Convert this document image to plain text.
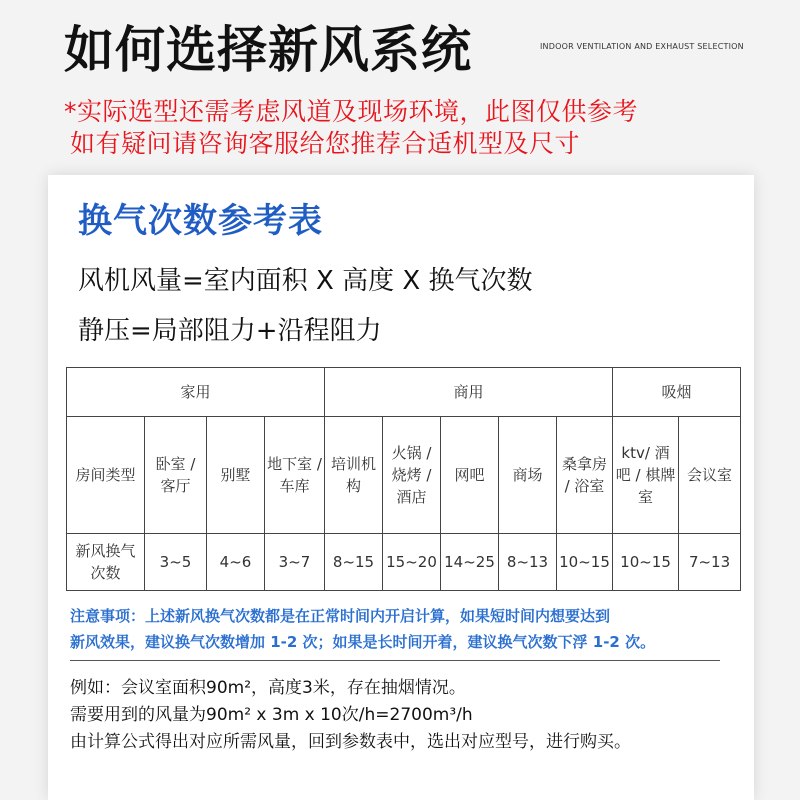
如何选择新风系统	INDOOR VENTILATION AND EXHAUST SELECTION
*实际选型还需考虑风道及现场环境，此图仅供参考
如有疑问请咨询客服给您推荐合适机型及尺寸
换气次数参考表
风机风量=室内面积 X 高度 X 换气次数
静压=局部阻力+沿程阻力
家用				商用					吸烟	
房间类型	卧室 / 客厅	别墅	地下室 / 车库	培训机构	火锅 / 烧烤 / 酒店	网吧	商场	桑拿房 / 浴室	ktv/ 酒吧 / 棋牌室	会议室
新风换气次数	3~5	4~6	3~7	8~15	15~20	14~25	8~13	10~15	10~15	7~13
注意事项：上述新风换气次数都是在正常时间内开启计算，如果短时间内想要达到
新风效果，建议换气次数增加 1-2 次；如果是长时间开着，建议换气次数下浮 1-2 次。
例如：会议室面积90m²，高度3米，存在抽烟情况。
需要用到的风量为90m² x 3m x 10次/h=2700m³/h
由计算公式得出对应所需风量，回到参数表中，选出对应型号，进行购买。
